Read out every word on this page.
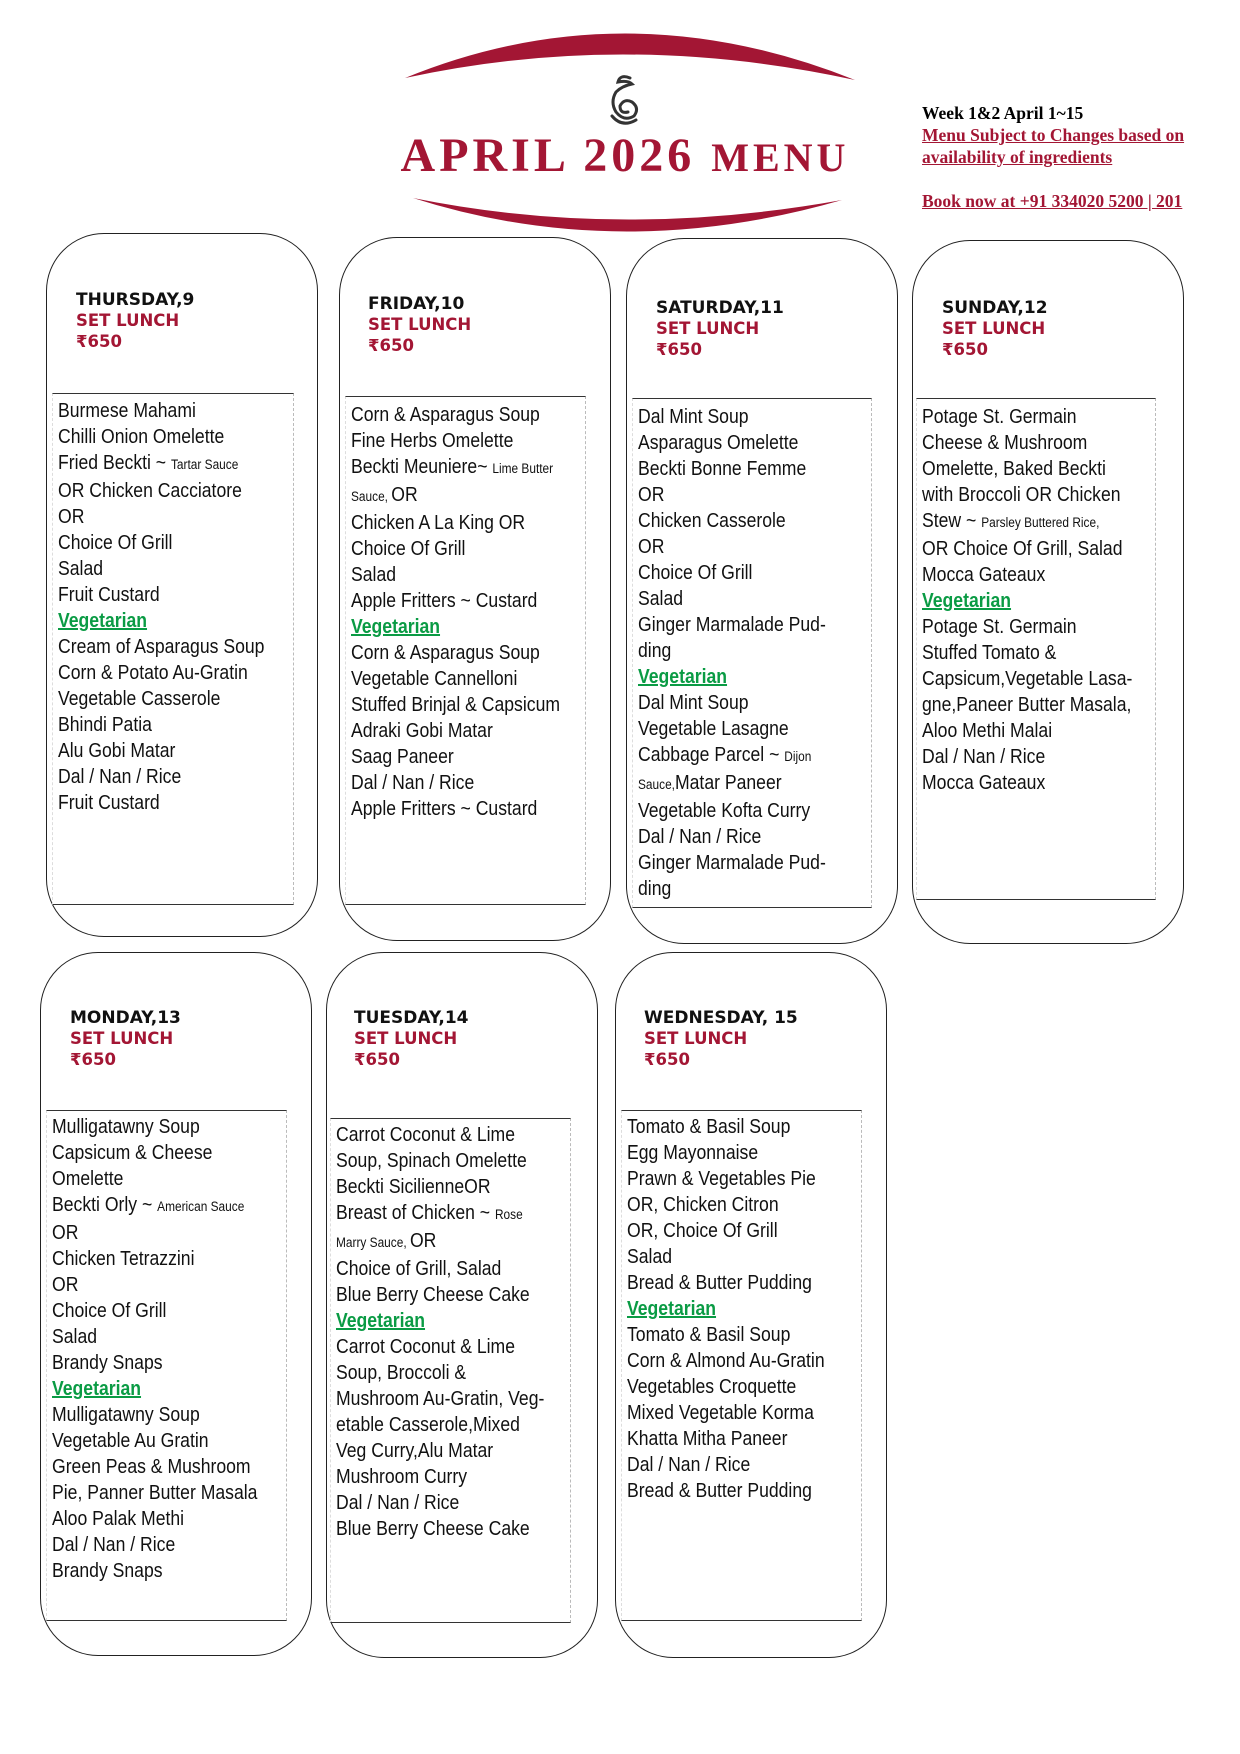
APRIL 2026 MENU
Week 1&2 April 1~15
Menu Subject to Changes based on
availability of ingredients
Book now at +91 334020 5200 | 201
THURSDAY,9
SET LUNCH
₹650
Burmese Mahami
Chilli Onion Omelette
Fried Beckti ~ Tartar Sauce
OR Chicken Cacciatore
OR
Choice Of Grill
Salad
Fruit Custard
Vegetarian
Cream of Asparagus Soup
Corn & Potato Au-Gratin
Vegetable Casserole
Bhindi Patia
Alu Gobi Matar
Dal / Nan / Rice
Fruit Custard
FRIDAY,10
SET LUNCH
₹650
Corn & Asparagus Soup
Fine Herbs Omelette
Beckti Meuniere~ Lime Butter
Sauce, OR
Chicken A La King OR
Choice Of Grill
Salad
Apple Fritters ~ Custard
Vegetarian
Corn & Asparagus Soup
Vegetable Cannelloni
Stuffed Brinjal & Capsicum
Adraki Gobi Matar
Saag Paneer
Dal / Nan / Rice
Apple Fritters ~ Custard
SATURDAY,11
SET LUNCH
₹650
Dal Mint Soup
Asparagus Omelette
Beckti Bonne Femme
OR
Chicken Casserole
OR
Choice Of Grill
Salad
Ginger Marmalade Pud-
ding
Vegetarian
Dal Mint Soup
Vegetable Lasagne
Cabbage Parcel ~ Dijon
Sauce,Matar Paneer
Vegetable Kofta Curry
Dal / Nan / Rice
Ginger Marmalade Pud-
ding
SUNDAY,12
SET LUNCH
₹650
Potage St. Germain
Cheese & Mushroom
Omelette, Baked Beckti
with Broccoli OR Chicken
Stew ~ Parsley Buttered Rice,
OR Choice Of Grill, Salad
Mocca Gateaux
Vegetarian
Potage St. Germain
Stuffed Tomato &
Capsicum,Vegetable Lasa-
gne,Paneer Butter Masala,
Aloo Methi Malai
Dal / Nan / Rice
Mocca Gateaux
MONDAY,13
SET LUNCH
₹650
Mulligatawny Soup
Capsicum & Cheese
Omelette
Beckti Orly ~ American Sauce
OR
Chicken Tetrazzini
OR
Choice Of Grill
Salad
Brandy Snaps
Vegetarian
Mulligatawny Soup
Vegetable Au Gratin
Green Peas & Mushroom
Pie, Panner Butter Masala
Aloo Palak Methi
Dal / Nan / Rice
Brandy Snaps
TUESDAY,14
SET LUNCH
₹650
Carrot Coconut & Lime
Soup, Spinach Omelette
Beckti SicilienneOR
Breast of Chicken ~ Rose
Marry Sauce, OR
Choice of Grill, Salad
Blue Berry Cheese Cake
Vegetarian
Carrot Coconut & Lime
Soup, Broccoli &
Mushroom Au-Gratin, Veg-
etable Casserole,Mixed
Veg Curry,Alu Matar
Mushroom Curry
Dal / Nan / Rice
Blue Berry Cheese Cake
WEDNESDAY, 15
SET LUNCH
₹650
Tomato & Basil Soup
Egg Mayonnaise
Prawn & Vegetables Pie
OR, Chicken Citron
OR, Choice Of Grill
Salad
Bread & Butter Pudding
Vegetarian
Tomato & Basil Soup
Corn & Almond Au-Gratin
Vegetables Croquette
Mixed Vegetable Korma
Khatta Mitha Paneer
Dal / Nan / Rice
Bread & Butter Pudding
